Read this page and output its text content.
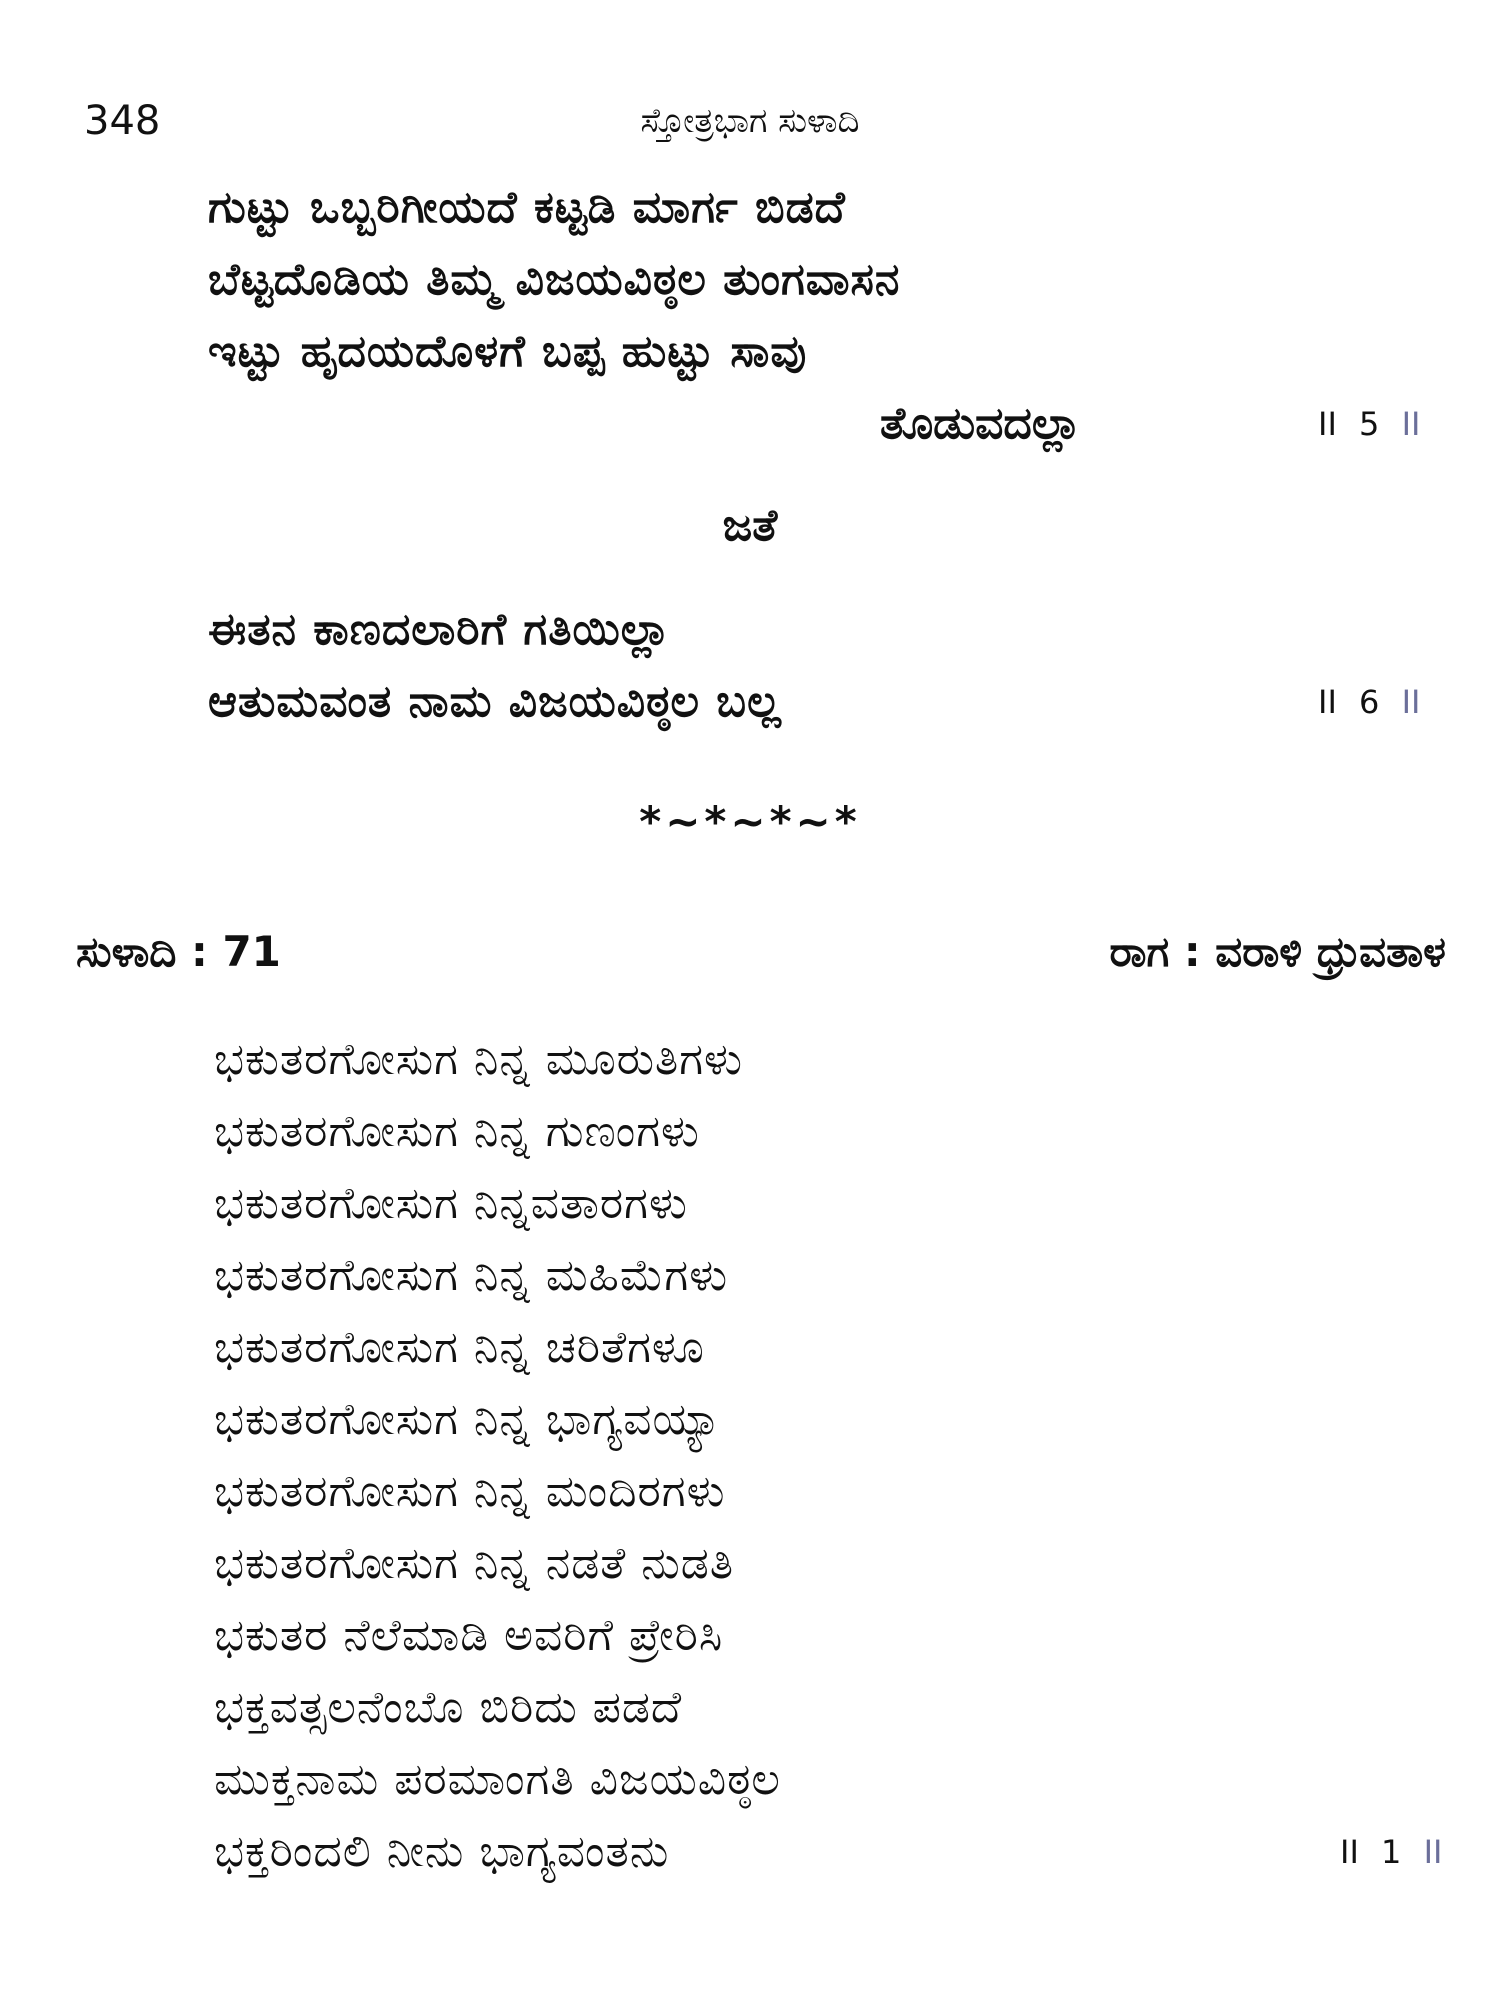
348	ಸ್ತೋತ್ರಭಾಗ ಸುಳಾದಿ
ಗುಟ್ಟು ಒಬ್ಬರಿಗೀಯದೆ ಕಟ್ಟಡಿ ಮಾರ್ಗ ಬಿಡದೆ
ಬೆಟ್ಟದೊಡಿಯ ತಿಮ್ಮ ವಿಜಯವಿಠ್ಠಲ ತುಂಗವಾಸನ
ಇಟ್ಟು ಹೃದಯದೊಳಗೆ ಬಪ್ಪ ಹುಟ್ಟು ಸಾವು
ತೊಡುವದಲ್ಲಾ	II 5 II
ಜತೆ
ಈತನ ಕಾಣದಲಾರಿಗೆ ಗತಿಯಿಲ್ಲಾ
ಆತುಮವಂತ ನಾಮ ವಿಜಯವಿಠ್ಠಲ ಬಲ್ಲ	II 6 II
*~*~*~*
ಸುಳಾದಿ : 71	ರಾಗ : ವರಾಳಿ ಧ್ರುವತಾಳ
ಭಕುತರಗೋಸುಗ ನಿನ್ನ ಮೂರುತಿಗಳು
ಭಕುತರಗೋಸುಗ ನಿನ್ನ ಗುಣಂಗಳು
ಭಕುತರಗೋಸುಗ ನಿನ್ನವತಾರಗಳು
ಭಕುತರಗೋಸುಗ ನಿನ್ನ ಮಹಿಮೆಗಳು
ಭಕುತರಗೋಸುಗ ನಿನ್ನ ಚರಿತೆಗಳೂ
ಭಕುತರಗೋಸುಗ ನಿನ್ನ ಭಾಗ್ಯವಯ್ಯಾ
ಭಕುತರಗೋಸುಗ ನಿನ್ನ ಮಂದಿರಗಳು
ಭಕುತರಗೋಸುಗ ನಿನ್ನ ನಡತೆ ನುಡತಿ
ಭಕುತರ ನೆಲೆಮಾಡಿ ಅವರಿಗೆ ಪ್ರೇರಿಸಿ
ಭಕ್ತವತ್ಸಲನೆಂಬೊ ಬಿರಿದು ಪಡದೆ
ಮುಕ್ತನಾಮ ಪರಮಾಂಗತಿ ವಿಜಯವಿಠ್ಠಲ
ಭಕ್ತರಿಂದಲಿ ನೀನು ಭಾಗ್ಯವಂತನು	II 1 II
